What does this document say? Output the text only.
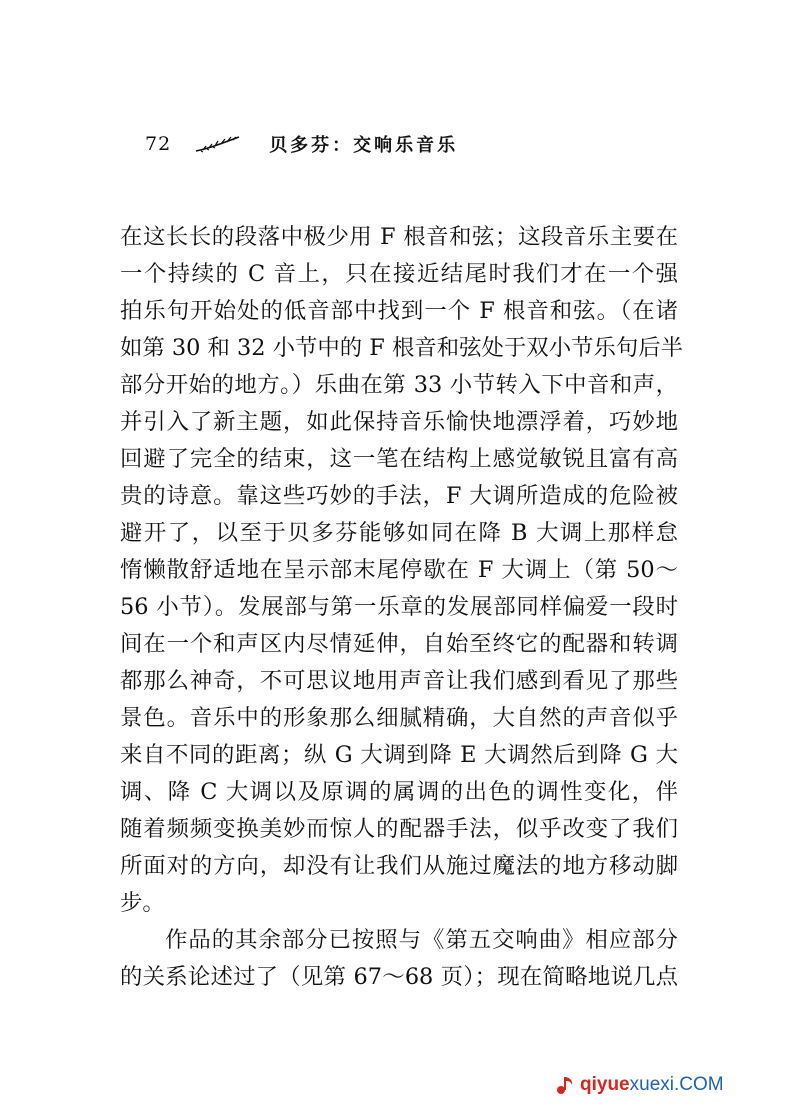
72	贝多芬：交响乐音乐
在这长长的段落中极少用 F 根音和弦；这段音乐主要在
一个持续的 C 音上，只在接近结尾时我们才在一个强
拍乐句开始处的低音部中找到一个 F 根音和弦。（在诸
如第 30 和 32 小节中的 F 根音和弦处于双小节乐句后半
部分开始的地方。）乐曲在第 33 小节转入下中音和声，
并引入了新主题，如此保持音乐愉快地漂浮着，巧妙地
回避了完全的结束，这一笔在结构上感觉敏锐且富有高
贵的诗意。靠这些巧妙的手法，F 大调所造成的危险被
避开了，以至于贝多芬能够如同在降 B 大调上那样怠
惰懒散舒适地在呈示部末尾停歇在 F 大调上（第 50～
56 小节）。发展部与第一乐章的发展部同样偏爱一段时
间在一个和声区内尽情延伸，自始至终它的配器和转调
都那么神奇，不可思议地用声音让我们感到看见了那些
景色。音乐中的形象那么细腻精确，大自然的声音似乎
来自不同的距离；纵 G 大调到降 E 大调然后到降 G 大
调、降 C 大调以及原调的属调的出色的调性变化，伴
随着频频变换美妙而惊人的配器手法，似乎改变了我们
所面对的方向，却没有让我们从施过魔法的地方移动脚
步。
作品的其余部分已按照与《第五交响曲》相应部分
的关系论述过了（见第 67～68 页）；现在简略地说几点
qiyue xuexi.COM
